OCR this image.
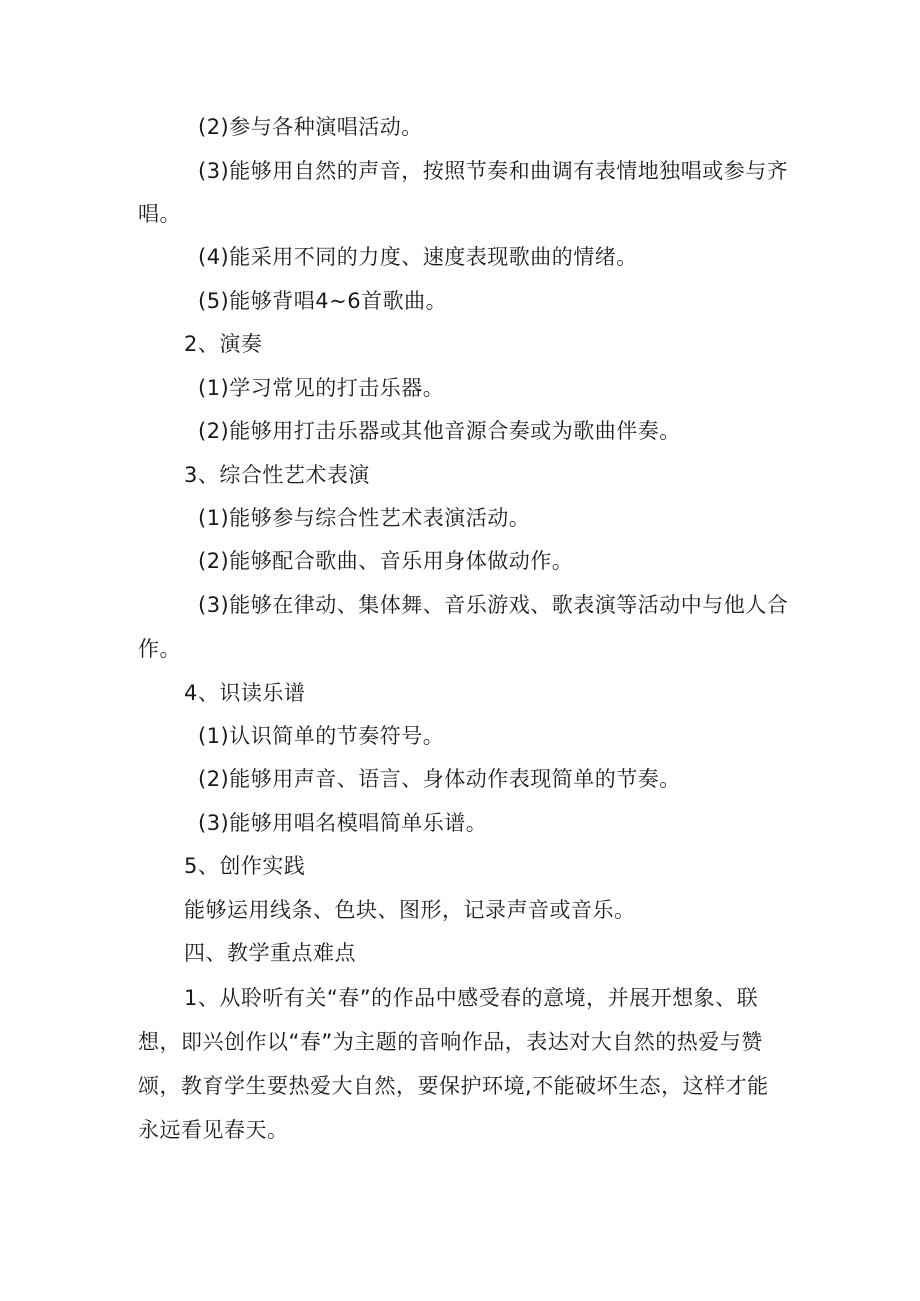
(2)参与各种演唱活动。
(3)能够用自然的声音，按照节奏和曲调有表情地独唱或参与齐
唱。
(4)能采用不同的力度、速度表现歌曲的情绪。
(5)能够背唱4~6首歌曲。
2、演奏
(1)学习常见的打击乐器。
(2)能够用打击乐器或其他音源合奏或为歌曲伴奏。
3、综合性艺术表演
(1)能够参与综合性艺术表演活动。
(2)能够配合歌曲、音乐用身体做动作。
(3)能够在律动、集体舞、音乐游戏、歌表演等活动中与他人合
作。
4、识读乐谱
(1)认识简单的节奏符号。
(2)能够用声音、语言、身体动作表现简单的节奏。
(3)能够用唱名模唱简单乐谱。
5、创作实践
能够运用线条、色块、图形，记录声音或音乐。
四、教学重点难点
1、从聆听有关“春”的作品中感受春的意境，并展开想象、联
想，即兴创作以“春”为主题的音响作品，表达对大自然的热爱与赞
颂，教育学生要热爱大自然，要保护环境,不能破坏生态，这样才能
永远看见春天。
